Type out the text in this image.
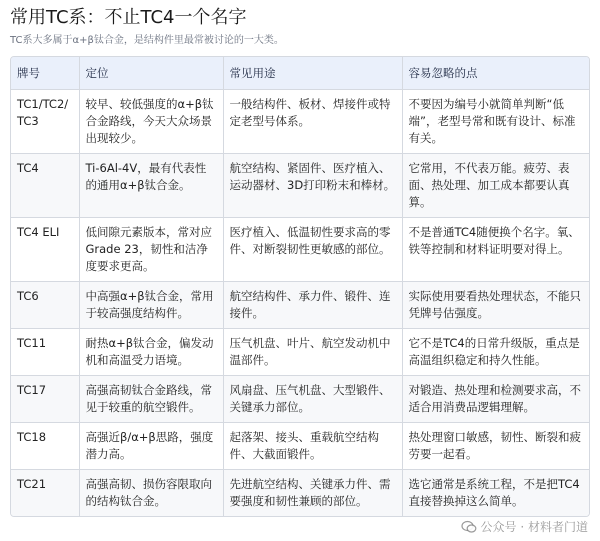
常用TC系：不止TC4一个名字
TC系大多属于α+β钛合金，是结构件里最常被讨论的一大类。
牌号	定位	常见用途	容易忽略的点
TC1/TC2/TC3	较早、较低强度的α+β钛合金路线，今天大众场景出现较少。	一般结构件、板材、焊接件或特定老型号体系。	不要因为编号小就简单判断“低端”，老型号常和既有设计、标准有关。
TC4	Ti-6Al-4V，最有代表性的通用α+β钛合金。	航空结构、紧固件、医疗植入、运动器材、3D打印粉末和棒材。	它常用，不代表万能。疲劳、表面、热处理、加工成本都要认真算。
TC4 ELI	低间隙元素版本，常对应Grade 23，韧性和洁净度要求更高。	医疗植入、低温韧性要求高的零件、对断裂韧性更敏感的部位。	不是普通TC4随便换个名字。氧、铁等控制和材料证明要对得上。
TC6	中高强α+β钛合金，常用于较高强度结构件。	航空结构件、承力件、锻件、连接件。	实际使用要看热处理状态，不能只凭牌号估强度。
TC11	耐热α+β钛合金，偏发动机和高温受力语境。	压气机盘、叶片、航空发动机中温部件。	它不是TC4的日常升级版，重点是高温组织稳定和持久性能。
TC17	高强高韧钛合金路线，常见于较重的航空锻件。	风扇盘、压气机盘、大型锻件、关键承力部位。	对锻造、热处理和检测要求高，不适合用消费品逻辑理解。
TC18	高强近β/α+β思路，强度潜力高。	起落架、接头、重载航空结构件、大截面锻件。	热处理窗口敏感，韧性、断裂和疲劳要一起看。
TC21	高强高韧、损伤容限取向的结构钛合金。	先进航空结构、关键承力件、需要强度和韧性兼顾的部位。	选它通常是系统工程，不是把TC4直接替换掉这么简单。
公众号 · 材料者门道
